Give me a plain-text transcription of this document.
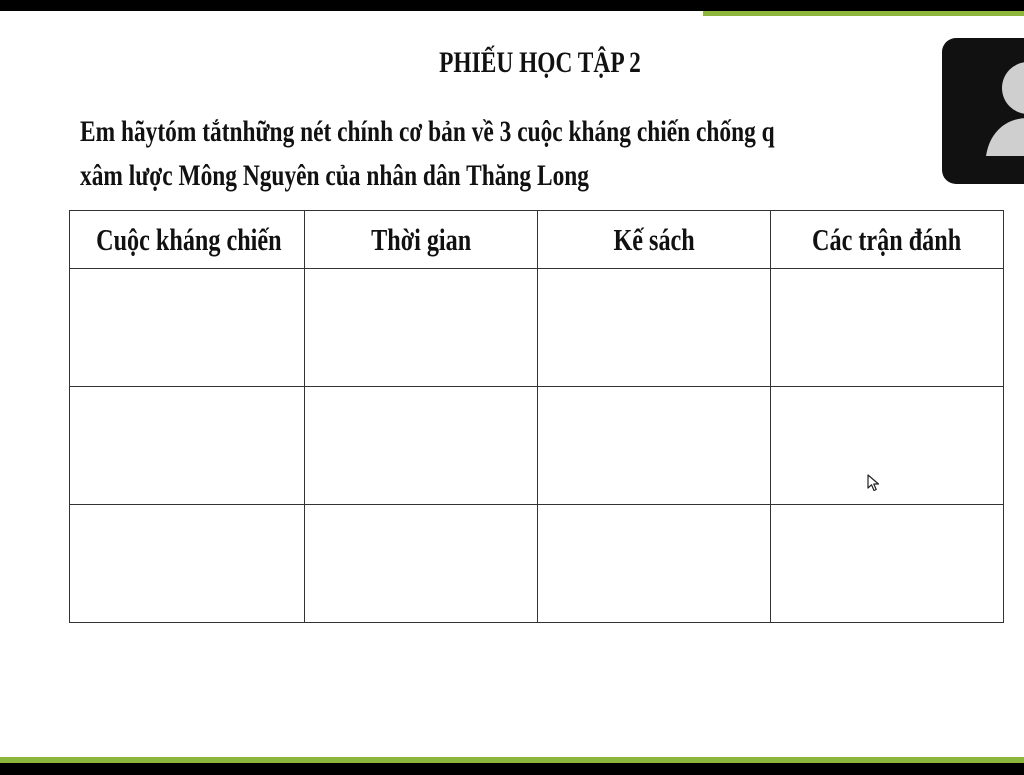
PHIẾU HỌC TẬP 2
Em hãytóm tắtnhững nét chính cơ bản về 3 cuộc kháng chiến chống q
xâm lược Mông Nguyên của nhân dân Thăng Long
Cuộc kháng chiến	Thời gian	Kế sách	Các trận đánh
